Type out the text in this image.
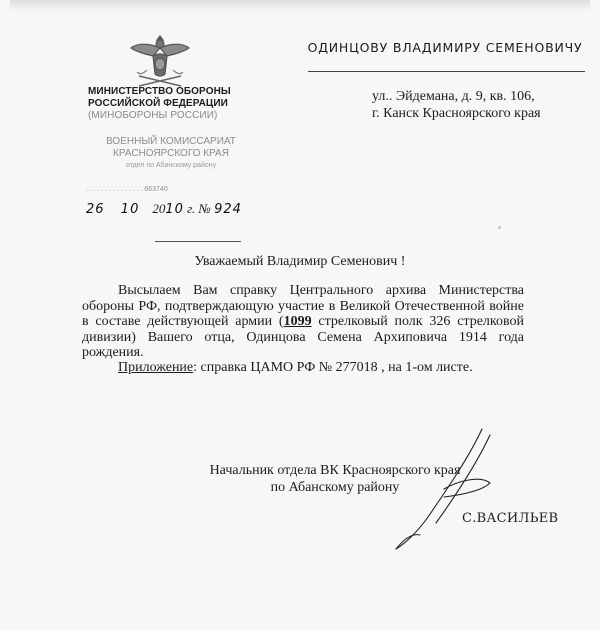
МИНИСТЕРСТВО ОБОРОНЫ
РОССИЙСКОЙ ФЕДЕРАЦИИ
(МИНОБОРОНЫ РОССИИ)
ВОЕННЫЙ КОМИССАРИАТ
КРАСНОЯРСКОГО КРАЯ
отдел по Абанскому району
. . . . . . . . . . . . . . . 663740
26 10 2010 г. № 924
ОДИНЦОВУ ВЛАДИМИРУ СЕМЕНОВИЧУ
ул.. Эйдемана, д. 9, кв. 106,
г. Канск Красноярского края
Уважаемый Владимир Семенович !

Высылаем Вам справку Центрального архива Министерства обороны РФ, подтверждающую участие в Великой Отечественной войне в составе действующей армии (1099 стрелковый полк 326 стрелковой дивизии) Вашего отца, Одинцова Семена Архиповича 1914 года рождения.

Приложение: справка ЦАМО РФ № 277018 , на 1-ом листе.
Начальник отдела ВК Красноярского края
по Абанскому району
С.ВАСИЛЬЕВ
